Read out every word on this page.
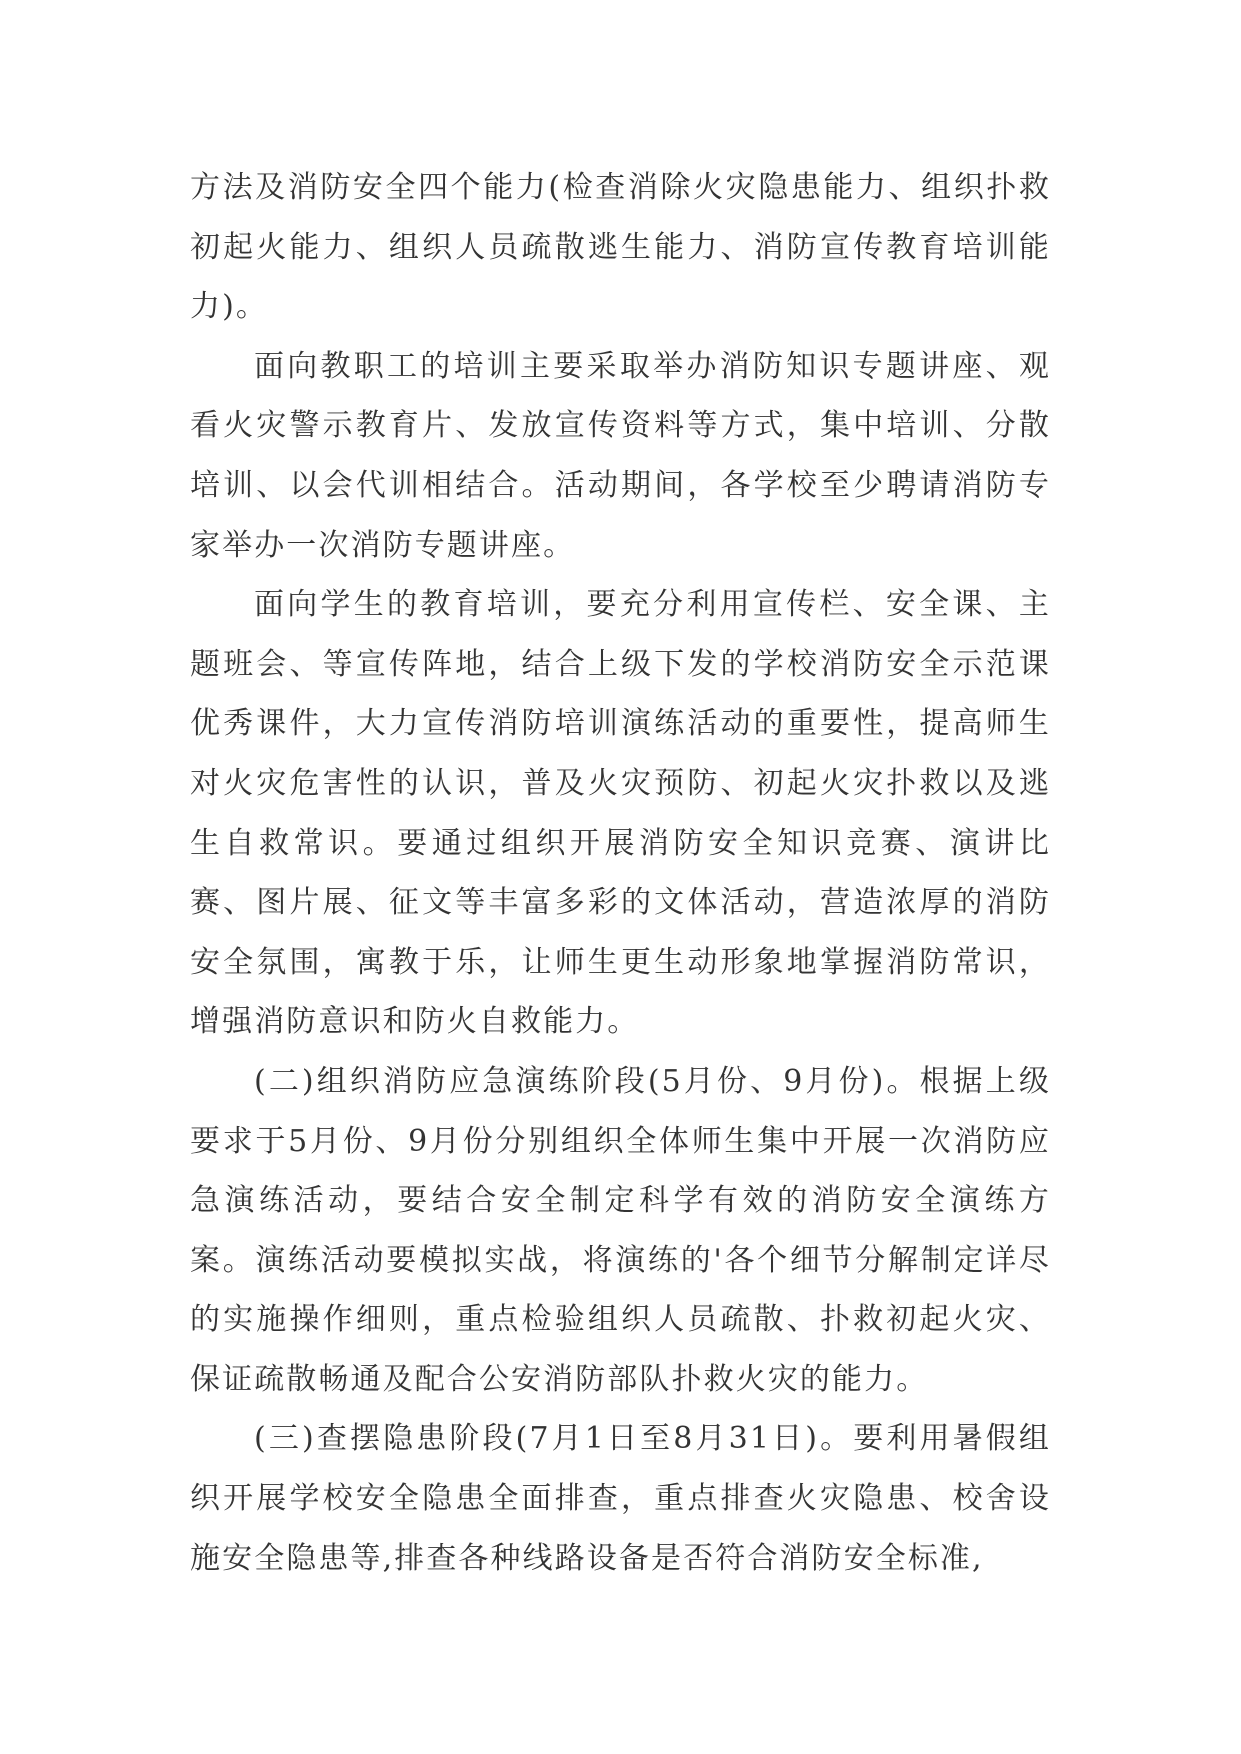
方法及消防安全四个能力(检查消除火灾隐患能力、组织扑救初起火能力、组织人员疏散逃生能力、消防宣传教育培训能力)。

面向教职工的培训主要采取举办消防知识专题讲座、观看火灾警示教育片、发放宣传资料等方式，集中培训、分散培训、以会代训相结合。活动期间，各学校至少聘请消防专家举办一次消防专题讲座。

面向学生的教育培训，要充分利用宣传栏、安全课、主题班会、等宣传阵地，结合上级下发的学校消防安全示范课优秀课件，大力宣传消防培训演练活动的重要性，提高师生对火灾危害性的认识，普及火灾预防、初起火灾扑救以及逃生自救常识。要通过组织开展消防安全知识竞赛、演讲比赛、图片展、征文等丰富多彩的文体活动，营造浓厚的消防安全氛围，寓教于乐，让师生更生动形象地掌握消防常识，增强消防意识和防火自救能力。

(二)组织消防应急演练阶段(5月份、9月份)。根据上级要求于5月份、9月份分别组织全体师生集中开展一次消防应急演练活动，要结合安全制定科学有效的消防安全演练方案。演练活动要模拟实战，将演练的'各个细节分解制定详尽的实施操作细则，重点检验组织人员疏散、扑救初起火灾、保证疏散畅通及配合公安消防部队扑救火灾的能力。

(三)查摆隐患阶段(7月1日至8月31日)。要利用暑假组织开展学校安全隐患全面排查，重点排查火灾隐患、校舍设施安全隐患等,排查各种线路设备是否符合消防安全标准,
